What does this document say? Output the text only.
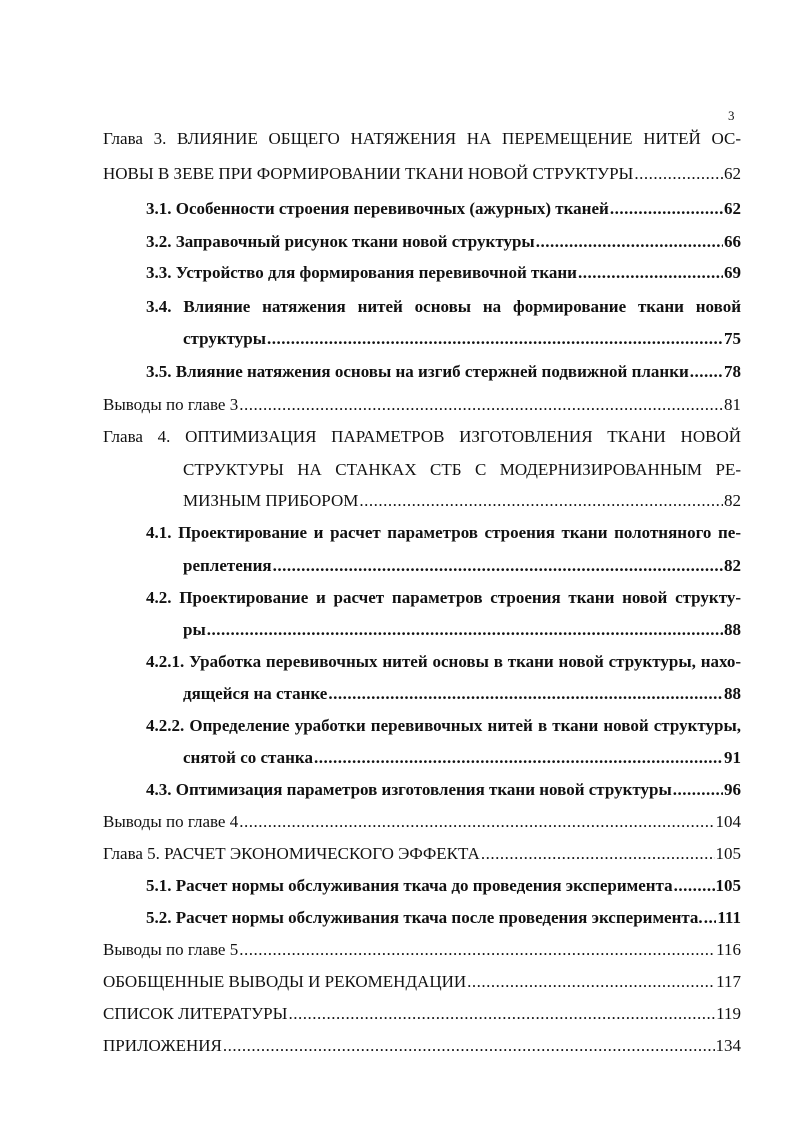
3
Глава 3. ВЛИЯНИЕ ОБЩЕГО НАТЯЖЕНИЯ НА ПЕРЕМЕЩЕНИЕ НИТЕЙ ОС-
НОВЫ В ЗЕВЕ ПРИ ФОРМИРОВАНИИ ТКАНИ НОВОЙ СТРУКТУРЫ .....	62
3.1. Особенности строения перевивочных (ажурных) тканей .....	62
3.2. Заправочный рисунок ткани новой структуры .....	66
3.3. Устройство для формирования перевивочной ткани .....	69
3.4. Влияние натяжения нитей основы на формирование ткани новой
структуры .....	75
3.5. Влияние натяжения основы на изгиб стержней подвижной планки ..... 78
Выводы по главе 3 .....	81
Глава 4. ОПТИМИЗАЦИЯ ПАРАМЕТРОВ ИЗГОТОВЛЕНИЯ ТКАНИ НОВОЙ
СТРУКТУРЫ НА СТАНКАХ СТБ С МОДЕРНИЗИРОВАННЫМ РЕ-
МИЗНЫМ ПРИБОРОМ .....	82
4.1. Проектирование и расчет параметров строения ткани полотняного пе-
реплетения .....	82
4.2. Проектирование и расчет параметров строения ткани новой структу-
ры .....	88
4.2.1. Уработка перевивочных нитей основы в ткани новой структуры, нахо-
дящейся на станке .....	88
4.2.2. Определение уработки перевивочных нитей в ткани новой структуры,
снятой со станка .....	91
4.3. Оптимизация параметров изготовления ткани новой структуры .....	96
Выводы по главе 4 .....	104
Глава 5. РАСЧЕТ ЭКОНОМИЧЕСКОГО ЭФФЕКТА .....	105
5.1. Расчет нормы обслуживания ткача до проведения эксперимента .....	105
5.2. Расчет нормы обслуживания ткача после проведения эксперимента. ..... 111
Выводы по главе 5 .....	116
ОБОБЩЕННЫЕ ВЫВОДЫ И РЕКОМЕНДАЦИИ .....	117
СПИСОК ЛИТЕРАТУРЫ .....	119
ПРИЛОЖЕНИЯ .....	134
